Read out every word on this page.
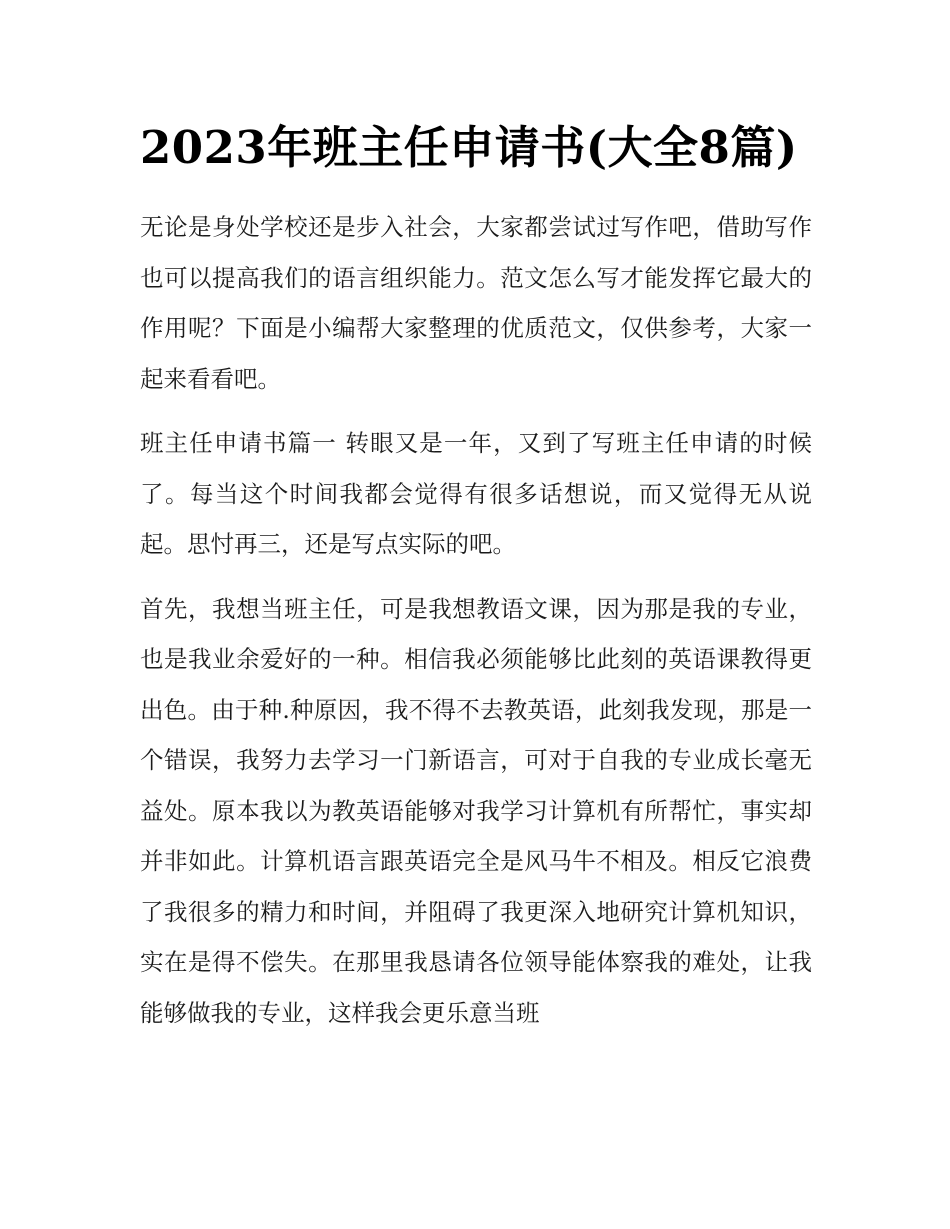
2023年班主任申请书(大全8篇)

无论是身处学校还是步入社会，大家都尝试过写作吧，借助写作也可以提高我们的语言组织能力。范文怎么写才能发挥它最大的作用呢？下面是小编帮大家整理的优质范文，仅供参考，大家一起来看看吧。

班主任申请书篇一 转眼又是一年，又到了写班主任申请的时候了。每当这个时间我都会觉得有很多话想说，而又觉得无从说起。思忖再三，还是写点实际的吧。

首先，我想当班主任，可是我想教语文课，因为那是我的专业，也是我业余爱好的一种。相信我必须能够比此刻的英语课教得更出色。由于种.种原因，我不得不去教英语，此刻我发现，那是一个错误，我努力去学习一门新语言，可对于自我的专业成长毫无益处。原本我以为教英语能够对我学习计算机有所帮忙，事实却并非如此。计算机语言跟英语完全是风马牛不相及。相反它浪费了我很多的精力和时间，并阻碍了我更深入地研究计算机知识，实在是得不偿失。在那里我恳请各位领导能体察我的难处，让我能够做我的专业，这样我会更乐意当班
